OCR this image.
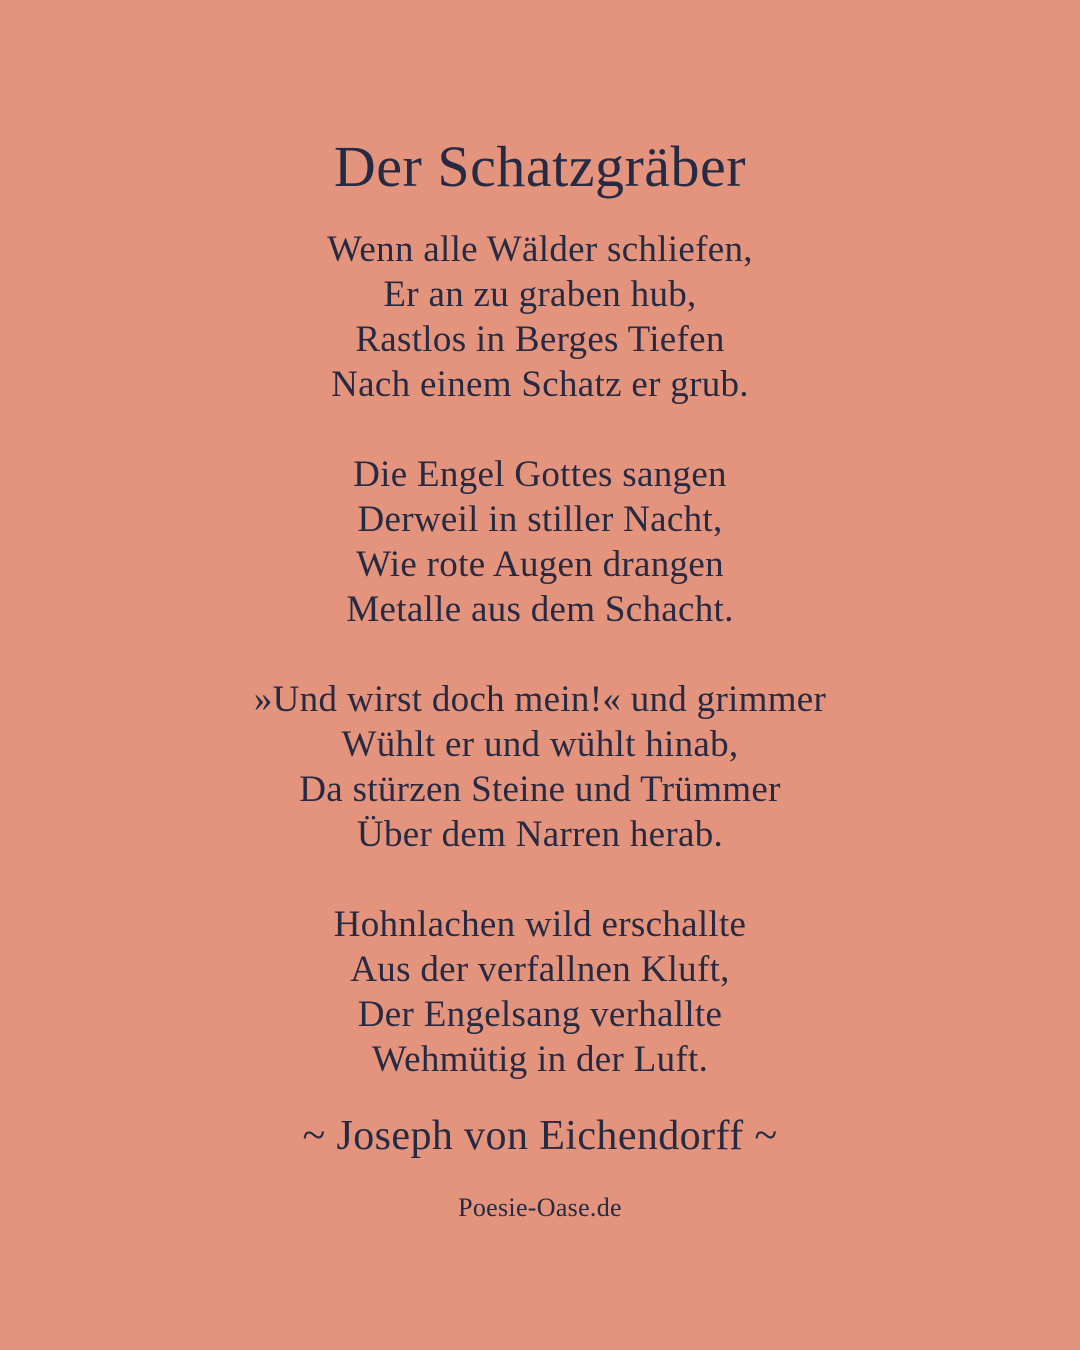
Der Schatzgräber
Wenn alle Wälder schliefen,
Er an zu graben hub,
Rastlos in Berges Tiefen
Nach einem Schatz er grub.
Die Engel Gottes sangen
Derweil in stiller Nacht,
Wie rote Augen drangen
Metalle aus dem Schacht.
»Und wirst doch mein!« und grimmer
Wühlt er und wühlt hinab,
Da stürzen Steine und Trümmer
Über dem Narren herab.
Hohnlachen wild erschallte
Aus der verfallnen Kluft,
Der Engelsang verhallte
Wehmütig in der Luft.
~ Joseph von Eichendorff ~
Poesie-Oase.de
